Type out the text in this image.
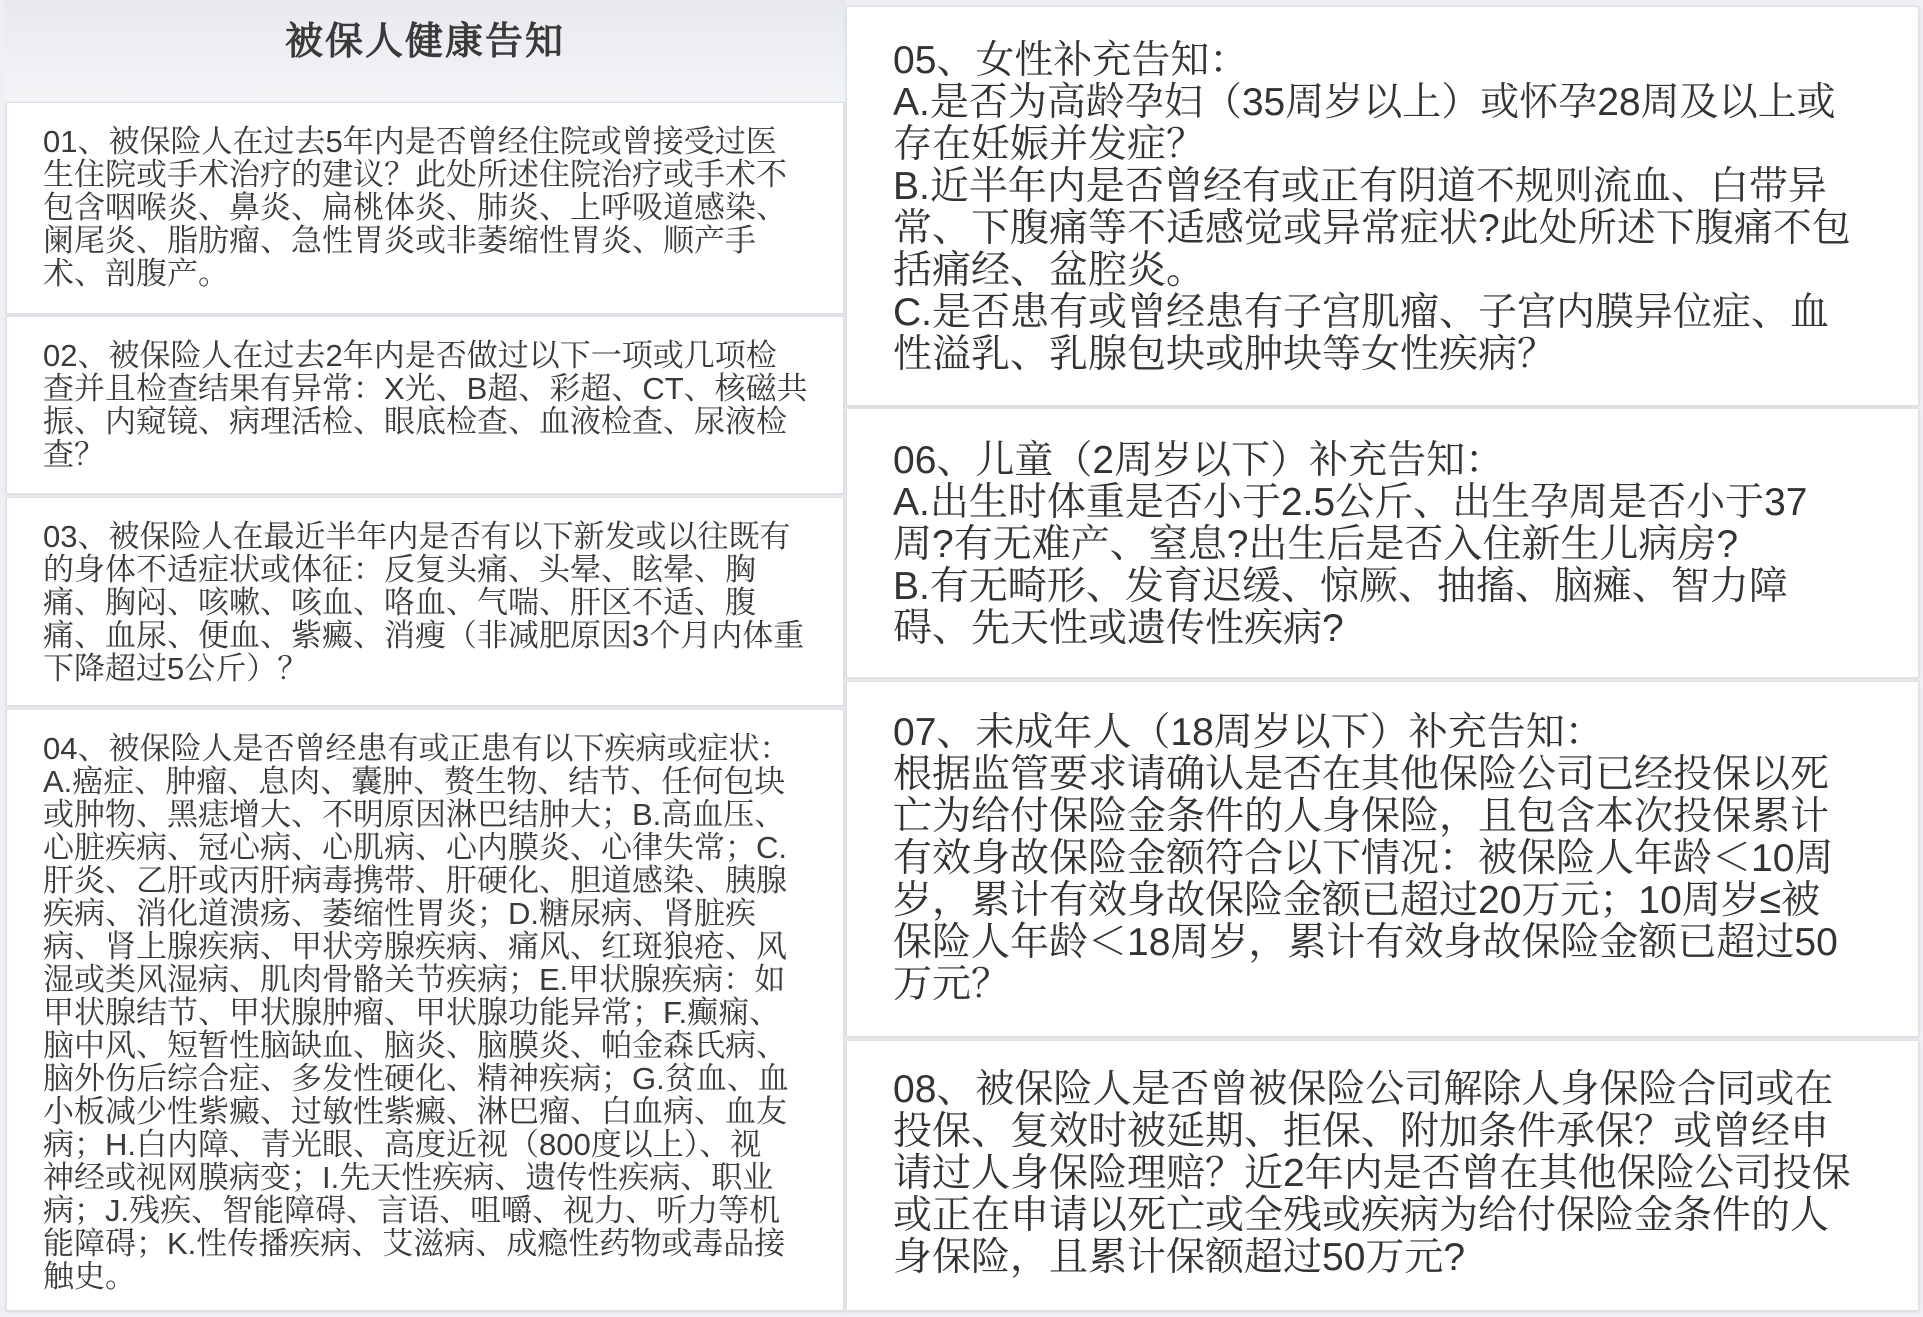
被保人健康告知
01、被保险人在过去5年内是否曾经住院或曾接受过医
生住院或手术治疗的建议？此处所述住院治疗或手术不
包含咽喉炎、鼻炎、扁桃体炎、肺炎、上呼吸道感染、
阑尾炎、脂肪瘤、急性胃炎或非萎缩性胃炎、顺产手
术、剖腹产。
02、被保险人在过去2年内是否做过以下一项或几项检
查并且检查结果有异常：X光、B超、彩超、CT、核磁共
振、内窥镜、病理活检、眼底检查、血液检查、尿液检
查？
03、被保险人在最近半年内是否有以下新发或以往既有
的身体不适症状或体征：反复头痛、头晕、眩晕、胸
痛、胸闷、咳嗽、咳血、咯血、气喘、肝区不适、腹
痛、血尿、便血、紫癜、消瘦（非减肥原因3个月内体重
下降超过5公斤）？
04、被保险人是否曾经患有或正患有以下疾病或症状：
A.癌症、肿瘤、息肉、囊肿、赘生物、结节、任何包块
或肿物、黑痣增大、不明原因淋巴结肿大；B.高血压、
心脏疾病、冠心病、心肌病、心内膜炎、心律失常；C.
肝炎、乙肝或丙肝病毒携带、肝硬化、胆道感染、胰腺
疾病、消化道溃疡、萎缩性胃炎；D.糖尿病、肾脏疾
病、肾上腺疾病、甲状旁腺疾病、痛风、红斑狼疮、风
湿或类风湿病、肌肉骨骼关节疾病；E.甲状腺疾病：如
甲状腺结节、甲状腺肿瘤、甲状腺功能异常；F.癫痫、
脑中风、短暂性脑缺血、脑炎、脑膜炎、帕金森氏病、
脑外伤后综合症、多发性硬化、精神疾病；G.贫血、血
小板减少性紫癜、过敏性紫癜、淋巴瘤、白血病、血友
病；H.白内障、青光眼、高度近视（800度以上）、视
神经或视网膜病变；I.先天性疾病、遗传性疾病、职业
病；J.残疾、智能障碍、言语、咀嚼、视力、听力等机
能障碍；K.性传播疾病、艾滋病、成瘾性药物或毒品接
触史。
05、女性补充告知：
A.是否为高龄孕妇（35周岁以上）或怀孕28周及以上或
存在妊娠并发症？
B.近半年内是否曾经有或正有阴道不规则流血、白带异
常、下腹痛等不适感觉或异常症状?此处所述下腹痛不包
括痛经、盆腔炎。
C.是否患有或曾经患有子宫肌瘤、子宫内膜异位症、血
性溢乳、乳腺包块或肿块等女性疾病？
06、儿童（2周岁以下）补充告知：
A.出生时体重是否小于2.5公斤、出生孕周是否小于37
周?有无难产、窒息?出生后是否入住新生儿病房?
B.有无畸形、发育迟缓、惊厥、抽搐、脑瘫、智力障
碍、先天性或遗传性疾病?
07、未成年人（18周岁以下）补充告知：
根据监管要求请确认是否在其他保险公司已经投保以死
亡为给付保险金条件的人身保险，且包含本次投保累计
有效身故保险金额符合以下情况：被保险人年龄＜10周
岁，累计有效身故保险金额已超过20万元；10周岁≤被
保险人年龄＜18周岁，累计有效身故保险金额已超过50
万元？
08、被保险人是否曾被保险公司解除人身保险合同或在
投保、复效时被延期、拒保、附加条件承保？或曾经申
请过人身保险理赔？近2年内是否曾在其他保险公司投保
或正在申请以死亡或全残或疾病为给付保险金条件的人
身保险，且累计保额超过50万元?
